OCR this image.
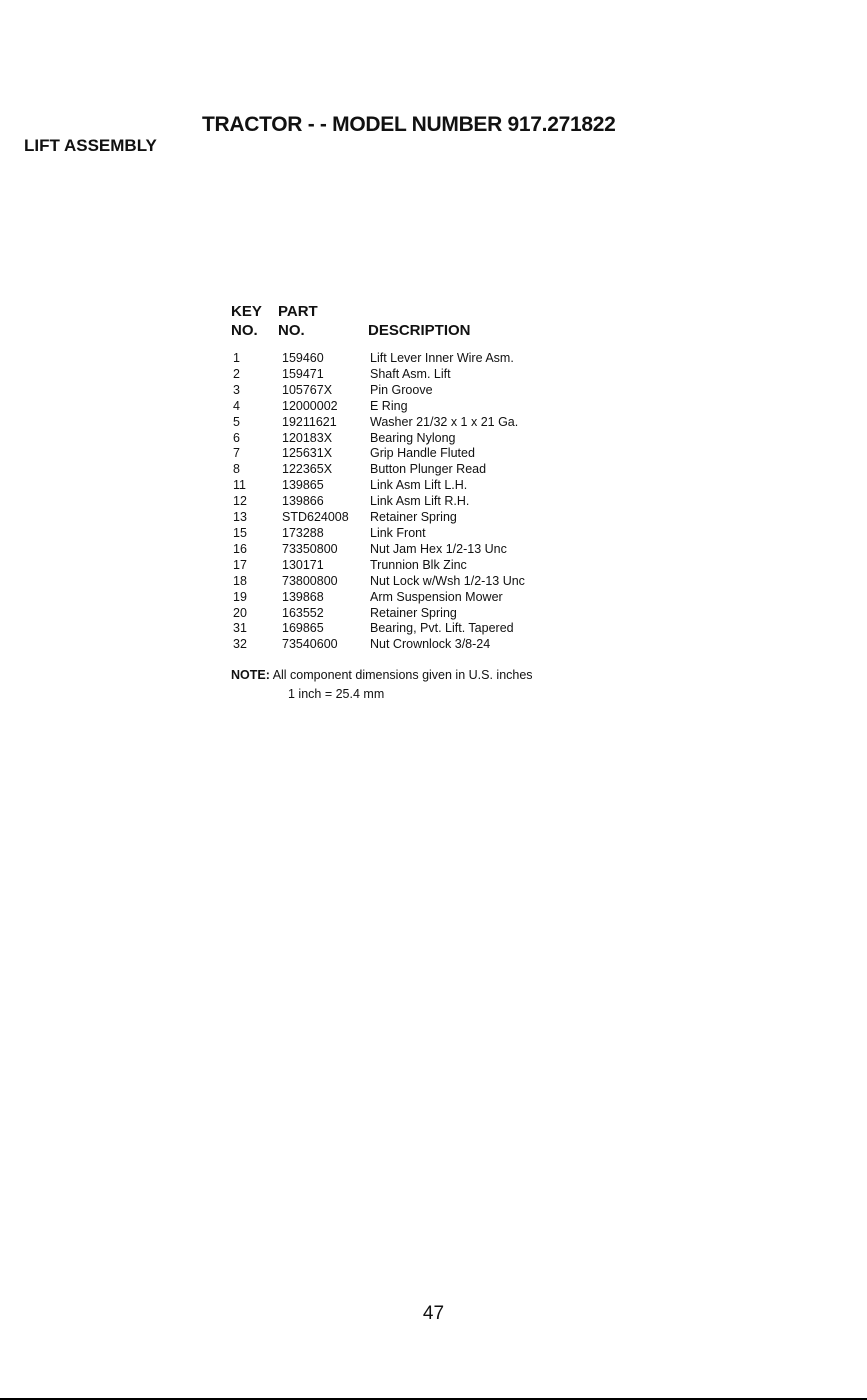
TRACTOR - - MODEL NUMBER 917.271822
LIFT ASSEMBLY
KEY PART
NO. NO.	DESCRIPTION
1	159460	Lift Lever Inner Wire Asm.
2	159471	Shaft Asm. Lift
3	105767X	Pin Groove
4	12000002	E Ring
5	19211621	Washer 21/32 x 1 x 21 Ga.
6	120183X	Bearing Nylong
7	125631X	Grip Handle Fluted
8	122365X	Button Plunger Read
11	139865	Link Asm Lift L.H.
12	139866	Link Asm Lift R.H.
13	STD624008 Retainer Spring
15	173288	Link Front
16	73350800	Nut Jam Hex 1/2-13 Unc
17	130171	Trunnion Blk Zinc
18	73800800	Nut Lock w/Wsh 1/2-13 Unc
19	139868	Arm Suspension Mower
20	163552	Retainer Spring
31	169865	Bearing, Pvt. Lift. Tapered
32	73540600	Nut Crownlock 3/8-24
NOTE: All component dimensions given in U.S. inches
1 inch = 25.4 mm
47
